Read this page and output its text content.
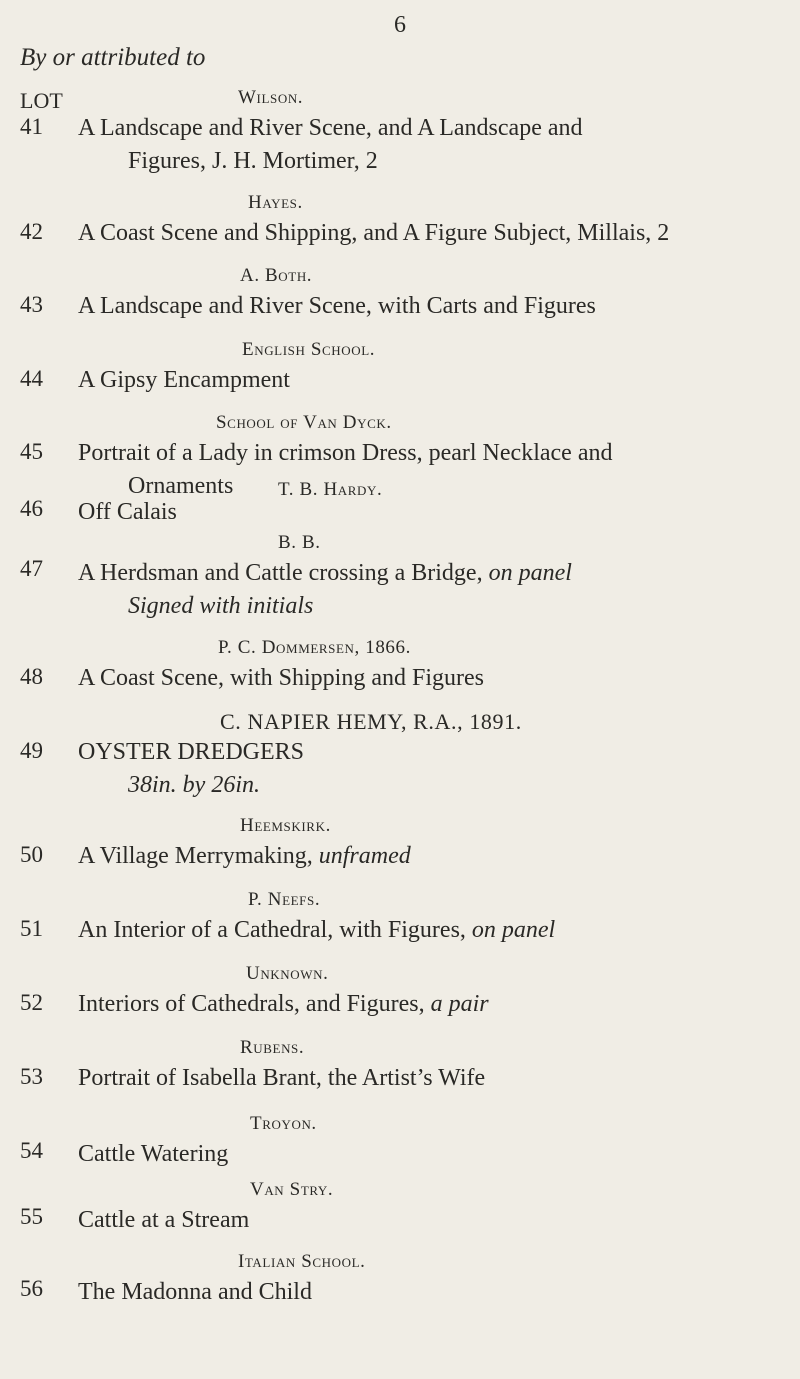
6
By or attributed to
LOT	Wilson.
41	A Landscape and River Scene, and A Landscape and
Figures, J. H. Mortimer, 2
Hayes.
42	A Coast Scene and Shipping, and A Figure Subject, Millais, 2
A. Both.
43	A Landscape and River Scene, with Carts and Figures
English School.
44	A Gipsy Encampment
School of Van Dyck.
45	Portrait of a Lady in crimson Dress, pearl Necklace and
Ornaments	T. B. Hardy.
46	Off Calais
B. B.
47	A Herdsman and Cattle crossing a Bridge, on panel
Signed with initials
P. C. Dommersen, 1866.
48	A Coast Scene, with Shipping and Figures
C. NAPIER HEMY, R.A., 1891.
49	OYSTER DREDGERS
38in. by 26in.
Heemskirk.
50	A Village Merrymaking, unframed
P. Neefs.
51	An Interior of a Cathedral, with Figures, on panel
Unknown.
52	Interiors of Cathedrals, and Figures, a pair
Rubens.
53	Portrait of Isabella Brant, the Artist’s Wife
Troyon.
54	Cattle Watering
Van Stry.
55	Cattle at a Stream
Italian School.
56	The Madonna and Child
